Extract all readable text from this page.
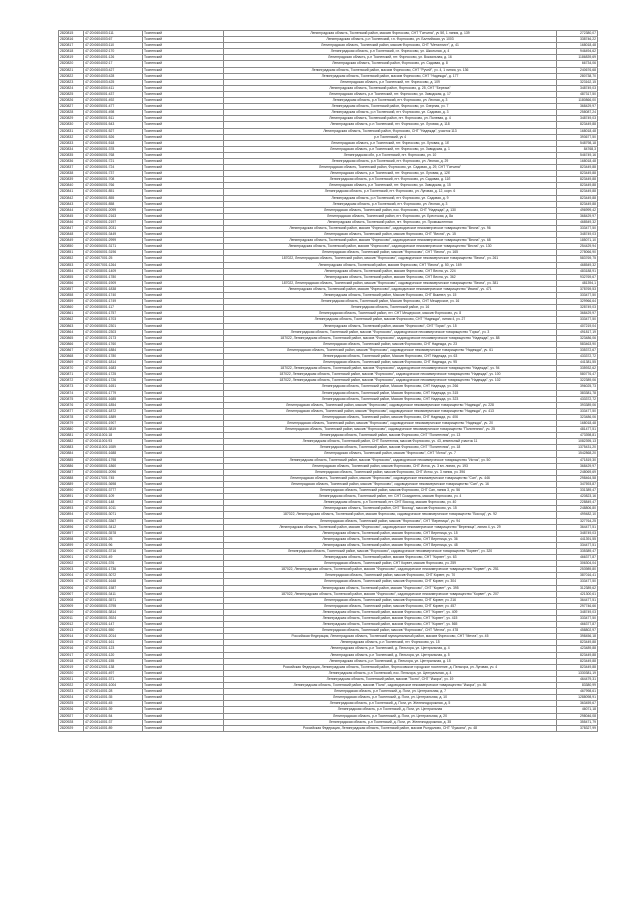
2820815	47:20:0604003:111	Тосненский	Ленинградская область, Тосненский район, массив Форносово, СНТ "Гатчина", уч 5б, 1 линия, д. 139	272380,07
2820816	47:20:0604003:67	Тосненский	Ленинградская область, р-н Тосненский, г.п. Форносово, ул. Балтийская, уч 1003	338746,22
2820817	47:20:0604003:110	Тосненский	Ленинградская область, Тосненский район, массив Форносово, СНТ "Металлист", д. 41	168018,48
2820818	47:20:0604002:170	Тосненский	Ленинградская область, р-н Тосненский, г.п. Форносово, ул. Школьная, д. 4	946494,62
2820819	47:20:0604001:126	Тосненский	Ленинградская область, р-н Тосненский, пгт. Форносово, ул. Вокзальная, д. 16	1186839,69
2820820	47:20:0604002:17	Тосненский	Ленинградская область, Тосненский район, Форносово, ул. Садовая, д. 8	66734,06
2820821	47:20:0604003:427	Тосненский	Ленинградская область, Тосненский район, массив Форносово, СНТ "Ручей", уч. 4, 1 линия, уч. 136	240676,68
2820822	47:20:0604003:428	Тосненский	Ленинградская область, Тосненский район, массив Форносово, СНТ "Надежда", д. 177	280738,70
2820823	47:20:0604003:425	Тосненский	Ленинградская область, р-н Тосненский, пгт. Форносово, д. 109	323162,15
2820824	47:20:0604004:411	Тосненский	Ленинградская область, Тосненский район, Форносово, д. 25, СНТ "Березка"	348749,03
2820825	47:20:0605001:437	Тосненский	Ленинградская область, р-н Тосненский, пгт. Форносово, ул. Заводская, д. 17	487317,50
2820826	47:20:0605001:492	Тосненский	Ленинградская область, р-н Тосненский, пгт. Форносово, ул. Лесная, д. 3	1180866,00
2820827	47:20:0605001:477	Тосненский	Ленинградская область, Тосненский район, Форносово, ул. Озерная, уч. 7	368429,97
2820828	47:20:0605001:498	Тосненский	Ленинградская область, р-н Тосненский, пгт. Форносово, ул. Садовая, д. 3	258087,24
2820829	47:20:0605001:511	Тосненский	Ленинградская область, Тосненский район, пгт. Форносово, ул. Полевая, д. 4	348749,03
2820830	47:20:0605001:543	Тосненский	Ленинградская область, р-н Тосненский, пгт. Форносово, ул. Луговая, д. 118	823449,88
2820831	47:20:0605001:527	Тосненский	Ленинградская область, Тосненский район, Форносово, СНТ "Надежда", участок 113	168018,48
2820832	47:20:0605001:526	Тосненский	р-н Тосненский, уч 4	393677,50
2820833	47:20:0605001:518	Тосненский	Ленинградская область, р-н Тосненский, пгт. Форносово, ул. Луговая, д. 1б	548798,18
2820834	47:20:0606001:378	Тосненский	Ленинградская область, р-н Тосненский, пгт. Форносово, ул. Заводская, д. 1	84768,3
2820835	47:20:0606001:768	Тосненский	Ленинградская обл, р-н Тосненский, пгт. Форносово, ул. 10	546749,16
2820836	47:20:0606001:721	Тосненский	Ленинградская область, р-н Тосненский, пгт. Форносово, ул. Лесная, д. 29	168018,48
2820837	47:20:0606001:724	Тосненский	Ленинградская область, Тосненский район, Форносово, ул. Садовая, д. 29, СНТ "Гатчина"	823449,88
2820838	47:20:0606001:737	Тосненский	Ленинградская область, р-н Тосненский, пгт. Форносово, ул. Луговая, д. 12б	823449,88
2820839	47:20:0606001:708	Тосненский	Ленинградская область, р-н Тосненский, пгт. Форносово, ул. Садовая, д. 11б	823449,88
2820840	47:20:0606001:766	Тосненский	Ленинградская область, р-н Тосненский, пгт. Форносово, ул. Заводская, д. 15	823449,88
2820841	47:20:0606001:851	Тосненский	Ленинградская область, р-н Тосненский, пгт. Форносово, ул. Луговая, д. 12, корп. 6	823449,88
2820842	47:20:0606001:855	Тосненский	Ленинградская область, р-н Тосненский, пгт. Форносово, ул. Садовая, д. 9	823449,88
2820843	47:20:0606001:858	Тосненский	Ленинградская область, р-н Тосненский, пгт. Форносово, ул. Лесная, д. 3	823449,88
2820844	47:20:0606001:2099	Тосненский	Ленинградская область, Тосненский район, пос. Форносово, СНТ "Надежда", д. 130	496999,42
2820845	47:20:0606001:2163	Тосненский	Ленинградская область, Тосненский район, пгт. Форносово, ул. Брестская, д. 8а	368429,97
2820846	47:20:0606001:2197	Тосненский	Ленинградская область, Тосненский район, пгт. Форносово, ул. Промышленная	468549,32
2820847	47:20:0606001:2031	Тосненский	Ленинградская область, Тосненский район, массив "Форносово", садоводческое некоммерческое товарищество "Весна", уч. 96	333477,50
2820848	47:20:0606001:3449	Тосненский	Ленинградская область, Тосненский район, массив Форносово, СНТ "Весна", уч. 15	348749,03
2820849	47:20:0606001:2999	Тосненский	Ленинградская область, Тосненский район, массив "Форносово", садоводческое некоммерческое товарищество "Весна", уч. 68	185071,10
2820850	47:20:0606001:3171	Тосненский	Ленинградская область, Тосненский район, массив "Форносово", садоводческое некоммерческое товарищество "Весна", уч. 130	254429,94
2820851	47:20:0606001:3196	Тосненский	Ленинградская область, Тосненский район, массив "Форносово", СНТ "Весна", уч. 165	278066,90
2820852	47:20:0607001:25	Тосненский	187022, Ленинградская область, Тосненский район, массив "Форносово", садоводческое некоммерческое товарищество "Весна", уч. 261	583769,75
2820853	47:20:0607001:1264	Тосненский	Ленинградская область, Тосненский район, массив Форносово, СНТ "Весна", д. 50, уч. 169	468549,32
2820854	47:20:0608001:1409	Тосненский	Ленинградская область, Тосненский район, массив Форносово, СНТ Весна, уч. 224	483188,91
2820855	47:20:0608001:1780	Тосненский	Ленинградская область, Тосненский район, массив Форносово, СНТ Весна, уч. 362	932769,67
2820856	47:20:0608001:1909	Тосненский	187022, Ленинградская область, Тосненский район, массив "Форносово", садоводческое некоммерческое товарищество "Весна", уч. 381	481394,1
2820857	47:20:0608001:1838	Тосненский	Ленинградская область, Тосненский район, массив "Форносово", садоводческое некоммерческое товарищество "Ивана", уч. 471	378769,53
2820858	47:20:0608001:1740	Тосненский	Ленинградская область, Тосненский район, Массив Форносово, СНТ Вымпел, уч. 15	333477,50
2820859	47:20:0608001:1749	Тосненский	Ленинградская область, Тосненский район, Массив Форносово, СНТ Мещерское, уч. 16	329966,64
2820860	47:20:0608001:117	Тосненский	Ленинградская область, Тосненский район, уч. 16	328749,03
2820861	47:20:0608001:1757	Тосненский	Ленинградская область, Тосненский район, пгт. СНТ Мещерское, массив Форносово, уч. 8	368429,97
2820862	47:20:0608001:1703	Тосненский	Ленинградская область, Тосненский район, массив Форносово, СНТ "Надежда", линия 4, уч. 27	333477,50
2820863	47:20:0608001:2301	Тосненский	Ленинградская область, Тосненский район, массив "Форносово", СНТ "Горки", уч. 15	407219,04
2820864	47:20:0608001:2303	Тосненский	Ленинградская область, Тосненский район, массив "Форносово", садоводческое некоммерческое товарищество "Горки", уч. 3	491817,19
2820865	47:20:0608001:2173	Тосненский	187022, Ленинградская область, Тосненский район, массив "Форносово", садоводческое некоммерческое товарищество "Надежда", уч. 88	323486,06
2820866	47:20:0608001:1760	Тосненский	Ленинградская область, Тосненский район, массив Форносово, СНТ Надежда, уч. 23	583463,90
2820867	47:20:0608001:1884	Тосненский	Ленинградская область, Тосненский район, массив "Форносово", садоводческое некоммерческое товарищество "Надежда", уч. 61	335372,67
2820868	47:20:0608001:1780	Тосненский	Ленинградская область, Тосненский район, Массив Форносово, СНТ Надежда, уч. 63	433372,72
2820869	47:20:0608001:1814	Тосненский	Ленинградская область, Тосненский район, массив Форносово, СНТ Надежда, уч. 95	441381,55
2820870	47:20:0608001:1683	Тосненский	187022, Ленинградская область, Тосненский район, массив "Форносово", садоводческое некоммерческое товарищество "Надежда", уч. 94	335932,62
2820871	47:20:0608001:1725	Тосненский	187022, Ленинградская область, Тосненский район, массив "Форносово", садоводческое некоммерческое товарищество "Надежда", уч. 100	580776,47
2820872	47:20:0608001:1726	Тосненский	187022, Ленинградская область, Тосненский район, массив "Форносово", садоводческое некоммерческое товарищество "Надежда", уч. 102	322389,06
2820873	47:20:0608001:1651	Тосненский	Ленинградская область, Тосненский район, Массив Форносово, СНТ Надежда, уч. 266	396025,73
2820874	47:20:0608001:1779	Тосненский	Ленинградская область, Тосненский район, Массив Форносово, СНТ Надежда, уч. 315	383381,78
2820875	47:20:0608001:1685	Тосненский	Ленинградская область, Тосненский район, Массив Форносово, СНТ Надежда, уч. 323	433372,72
2820876	47:20:0608001:1854	Тосненский	Ленинградская область, Тосненский район, массив "Форносово", садоводческое некоммерческое товарищество "Надежда", уч. 228	393389,06
2820877	47:20:0608001:1872	Тосненский	Ленинградская область, Тосненский район, массив "Форносово", садоводческое некоммерческое товарищество "Надежда", уч. 413	333477,50
2820878	47:20:0608001:1889	Тосненский	Ленинградская область, Тосненский район, массив Форносово, СНТ Надежда, уч. 406	323486,06
2820879	47:20:0608001:1907	Тосненский	Ленинградская область, Тосненский район, массив "Форносово", садоводческое некоммерческое товарищество "Надежда", уч. 20	168018,48
2820880	47:20:0608001:3819	Тосненский	Ленинградская область, Тосненский район, массив "Форносово", садоводческое некоммерческое товарищество "Политехник", уч. 25	481477,51
2820881	47:20:0611001:18	Тосненский	Ленинградская область, Тосненский район, массив Форносово, СНТ "Политехник", уч. 13	473398,81
2820882	47:20:0611001:93	Тосненский	Ленинградская область, Тосненский район, СНТ Политехник, массив Форносово, уч. 43, земельный участок 11	1082395,13
2820883	47:20:0611001:1089	Тосненский	Ленинградская область, Тосненский район, массив Форносово, СНТ "Политехник", уч. 18	1375431,20
2820884	47:20:0608001:1688	Тосненский	Ленинградская область, Тосненский район, массив "Форносово", СНТ "Исток", уч. 7	1542868,20
2820885	47:20:0608001:1798	Тосненский	Ленинградская область, Тосненский район, массив "Форносово", садоводческое некоммерческое товарищество "Исток", уч. 50	471819,30
2820886	47:20:0608001:1860	Тосненский	Ленинградская область, Тосненский район, массив Форносово, СНТ Исток, уч. 3 вл. линия, уч. 193	368429,97
2820887	47:20:0608001:2096	Тосненский	Ленинградская область, Тосненский район, массив Форносово, СНТ Исток, уч. 3 линия, уч. 396	248069,69
2820888	47:20:0617001:745	Тосненский	Ленинградская область, Тосненский район, массив "Форносово", садоводческое некоммерческое товарищество "Сап", уч. 446	298464,58
2820889	47:20:0608001:3698	Тосненский	Ленинградская область, Тосненский район, массив "Форносово", садоводческое некоммерческое товарищество "Сап", уч. 16	347593,87
2820890	47:20:0608001:3777	Тосненский	Ленинградская область, Тосненский район, массив Форносово, СНТ Сап, линия 3, уч. 56	331389,47
2820891	47:20:0608001:109	Тосненский	Ленинградская область, Тосненский район, пгт. СНТ Созидатель, массив Форносово, уч. 4	420823,16
2820892	47:20:0608001:148	Тосненский	Ленинградская область, р-н Тосненский, пгт. СНТ Восход, массив Форносово, уч. 40	228849,47
2820893	47:20:0608001:1011	Тосненский	Ленинградская область, Тосненский район, СНТ "Восход", массив Форносово, уч. 15	248806,80
2820894	47:20:0608001:3071	Тосненский	187022, Ленинградская область, Тосненский район, массив Форносово, садоводческое некоммерческое товарищество "Восход", уч. 92	499482,10
2820895	47:20:0608001:3367	Тосненский	Ленинградская область, Тосненский район, массив "Форносово", СНТ "Вереница", уч. 94	327764,25
2820896	47:20:0608001:3412	Тосненский	Ленинградская область, Тосненский район, массив "Форносово", садоводческое некоммерческое товарищество "Вереница", линия 4, уч. 29	364477,51
2820897	47:20:0608001:3578	Тосненский	Ленинградская область, Тосненский район, массив Форносово, СНТ Вереница, уч. 15	348749,03
2820898	47:20:0613001:25	Тосненский	Ленинградская область, Тосненский район, массив Форносово, СНТ Вереница, уч. 36	441391,55
2820899	47:20:0613001:96	Тосненский	Ленинградская область, Тосненский район, массив Форносово, СНТ Вереница, уч. 48	334477,51
2820900	47:20:0608001:3716	Тосненский	Ленинградская область, Тосненский район, массив "Форносово", садоводческое некоммерческое товарищество "Корвет", уч. 320	335389,47
2820901	47:20:0612001:49	Тосненский	Ленинградская область, Тосненский район, массив Форносово, СНТ "Корвет", уч. 63	466377,87
2820902	47:20:0612001:376	Тосненский	Ленинградская область, Тосненский район, СНТ Корвет, массив Форносово, уч. 259	306304,04
2820903	47:20:0608001:1736	Тосненский	187022, Ленинградская область, Тосненский район, массив "Форносово", садоводческое некоммерческое товарищество "Корвет", уч. 251	253989,80
2820904	47:20:0608001:3072	Тосненский	Ленинградская область, Тосненский район, массив Форносово, СНТ Корвет, уч. 70	387016,41
2820905	47:20:0608001:1648	Тосненский	Ленинградская область, Тосненский район, массив Форносово, СНТ Корвет, уч. 304	333477,50
2820906	47:20:0608001:1587	Тосненский	Ленинградская область, Тосненский район, массив "Форносово", СНТ "Корвет", уч. 395	312389,62
2820907	47:20:0608001:3411	Тосненский	187022, Ленинградская область, Тосненский район, массив "Форносово", садоводческое некоммерческое товарищество "Корвет", уч. 207	421300,61
2820908	47:20:0608001:3571	Тосненский	Ленинградская область, Тосненский район, массив Форносово, СНТ Корвет, уч. 216	364477,51
2820909	47:20:0608001:3795	Тосненский	Ленинградская область, Тосненский район, массив Форносово, СНТ Корвет, уч. 457	297746,66
2820910	47:20:0608001:3814	Тосненский	Ленинградская область, Тосненский район, массив Форносово, СНТ "Корвет", уч. 409	348749,03
2820911	47:20:0608001:3924	Тосненский	Ленинградская область, Тосненский район, массив Форносово, СНТ "Корвет", уч. 415	333477,50
2820912	47:20:0612001:147	Тосненский	Ленинградская область, Тосненский район, массив Форносово, СНТ "Корвет", уч. 565	466377,87
2820913	47:20:0612001:550	Тосненский	Ленинградская область, Тосненский район, массив "Форносово", СНТ "Мечта", уч. 478	458802,97
2820914	47:20:0612001:2014	Тосненский	Российская Федерация, Ленинградская область, Тосненский муниципальный район, массив Форносово, СНТ "Мечта", уч. 45	398456,18
2820915	47:20:0612001:161	Тосненский	Ленинградская область, р-н Тосненский, пгт. Форносово, уч. 15	823449,88
2820916	47:20:0612001:123	Тосненский	Ленинградская область, р-н Тосненский, д. Пельгора, ул. Центральная, д. 4	423489,88
2820917	47:20:0612001:120	Тосненский	Ленинградская область, р-н Тосненский, д. Пельгора, ул. Центральная, д. 5	823449,88
2820918	47:20:0612001:155	Тосненский	Ленинградская область, р-н Тосненский, д. Пельгора, ул. Центральная, д. 15	823449,88
2820919	47:20:0612001:138	Тосненский	Российская Федерация, Ленинградская область, Тосненский район, Форносовское городское поселение, д. Пельгора, ул. Луговая, уч. 4	823449,88
2820920	47:20:0614001:497	Тосненский	Ленинградская область, р-н Тосненский, пос. Пельгора, ул. Центральная, д. 4	1330381,19
2820921	47:20:0614001:371	Тосненский	Ленинградская область, Тосненский район, массив "Тосно", СНТ "Ижора", уч. 19	464479,31
2820922	47:20:0614001:1004	Тосненский	Ленинградская область, Тосненский район, массив "Поля", садоводческое некоммерческое товарищество "Ижора", уч. 86	83380,99
2820923	47:20:0614001:28	Тосненский	Ленинградская область, р-н Тосненский, д. Поги, ул. Центральная, д. 7	467998,61
2820924	47:20:0614001:35	Тосненский	Ленинградская область, р-н Тосненский, д. Поги, ул. Центральная, д. 10	1288098,91
2820925	47:20:0614001:45	Тосненский	Ленинградская область, р-н Тосненский, д. Поги, ул. Железнодорожная, д. 5	363459,67
2820926	47:20:0614001:39	Тосненский	Ленинградская область, р-н Тосненский, д. Поги, ул. Центральная	46071,18
2820927	47:20:0614001:54	Тосненский	Ленинградская область, р-н Тосненский, д. Поги, ул. Центральная, д. 20	298046,08
2820928	47:20:0614001:37	Тосненский	Ленинградская область, р-н Тосненский, д. Поги, ул. Железнодорожная, д. 35	355471,79
2820929	47:20:0614001:89	Тосненский	Российская Федерация, Ленинградская область, Тосненский район, массив Рындолово, СНТ "Лукьяна", уч. 48	378327,99
